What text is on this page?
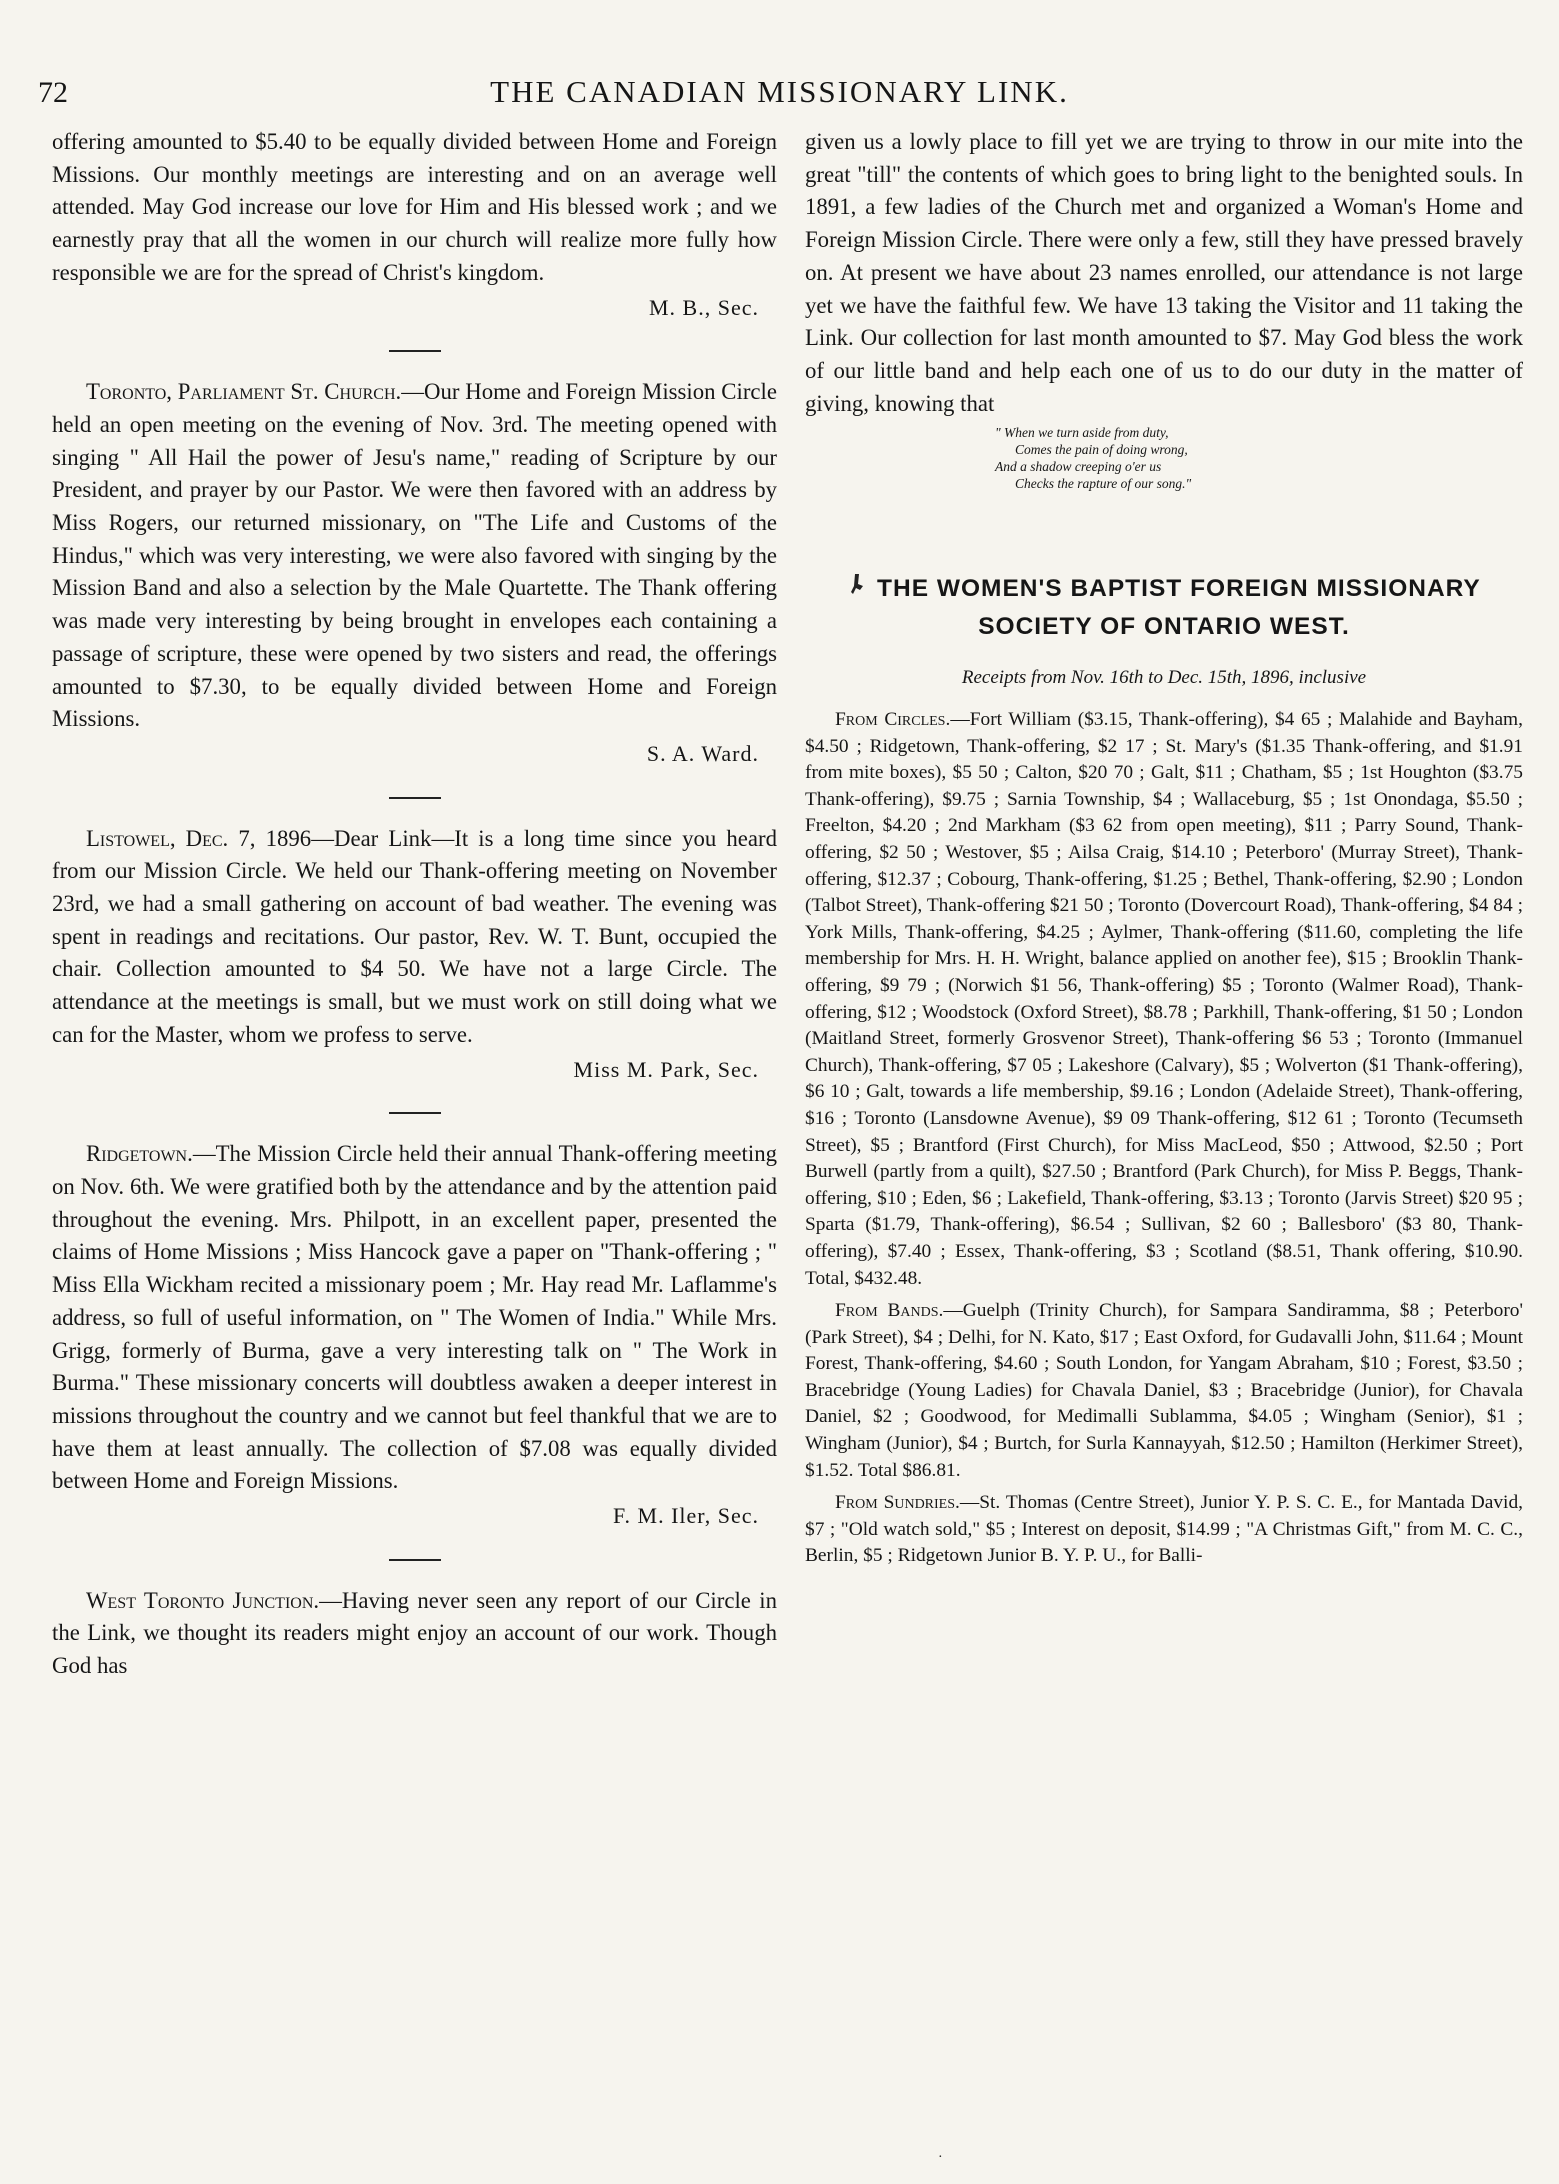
72	THE CANADIAN MISSIONARY LINK.

offering amounted to $5.40 to be equally divided between Home and Foreign Missions. Our monthly meetings are interesting and on an average well attended. May God increase our love for Him and His blessed work ; and we earnestly pray that all the women in our church will realize more fully how responsible we are for the spread of Christ's kingdom.

M. B., Sec.

Toronto, Parliament St. Church.—Our Home and Foreign Mission Circle held an open meeting on the evening of Nov. 3rd. The meeting opened with singing " All Hail the power of Jesu's name," reading of Scripture by our President, and prayer by our Pastor. We were then favored with an address by Miss Rogers, our returned missionary, on "The Life and Customs of the Hindus," which was very interesting, we were also favored with singing by the Mission Band and also a selection by the Male Quartette. The Thank offering was made very interesting by being brought in envelopes each containing a passage of scripture, these were opened by two sisters and read, the offerings amounted to $7.30, to be equally divided between Home and Foreign Missions.

S. A. Ward.

Listowel, Dec. 7, 1896—Dear Link—It is a long time since you heard from our Mission Circle. We held our Thank-offering meeting on November 23rd, we had a small gathering on account of bad weather. The evening was spent in readings and recitations. Our pastor, Rev. W. T. Bunt, occupied the chair. Collection amounted to $4 50. We have not a large Circle. The attendance at the meetings is small, but we must work on still doing what we can for the Master, whom we profess to serve.

Miss M. Park, Sec.

Ridgetown.—The Mission Circle held their annual Thank-offering meeting on Nov. 6th. We were gratified both by the attendance and by the attention paid throughout the evening. Mrs. Philpott, in an excellent paper, presented the claims of Home Missions ; Miss Hancock gave a paper on "Thank-offering ; " Miss Ella Wickham recited a missionary poem ; Mr. Hay read Mr. Laflamme's address, so full of useful information, on " The Women of India." While Mrs. Grigg, formerly of Burma, gave a very interesting talk on " The Work in Burma." These missionary concerts will doubtless awaken a deeper interest in missions throughout the country and we cannot but feel thankful that we are to have them at least annually. The collection of $7.08 was equally divided between Home and Foreign Missions.

F. M. Iler, Sec.

West Toronto Junction.—Having never seen any report of our Circle in the Link, we thought its readers might enjoy an account of our work. Though God has

given us a lowly place to fill yet we are trying to throw in our mite into the great "till" the contents of which goes to bring light to the benighted souls. In 1891, a few ladies of the Church met and organized a Woman's Home and Foreign Mission Circle. There were only a few, still they have pressed bravely on. At present we have about 23 names enrolled, our attendance is not large yet we have the faithful few. We have 13 taking the Visitor and 11 taking the Link. Our collection for last month amounted to $7. May God bless the work of our little band and help each one of us to do our duty in the matter of giving, knowing that

" When we turn aside from duty,
Comes the pain of doing wrong,
And a shadow creeping o'er us
Checks the rapture of our song."
THE WOMEN'S BAPTIST FOREIGN MISSIONARY
SOCIETY OF ONTARIO WEST.
Receipts from Nov. 16th to Dec. 15th, 1896, inclusive

From Circles.—Fort William ($3.15, Thank-offering), $4 65 ; Malahide and Bayham, $4.50 ; Ridgetown, Thank-offering, $2 17 ; St. Mary's ($1.35 Thank-offering, and $1.91 from mite boxes), $5 50 ; Calton, $20 70 ; Galt, $11 ; Chatham, $5 ; 1st Houghton ($3.75 Thank-offering), $9.75 ; Sarnia Township, $4 ; Wallaceburg, $5 ; 1st Onondaga, $5.50 ; Freelton, $4.20 ; 2nd Markham ($3 62 from open meeting), $11 ; Parry Sound, Thank-offering, $2 50 ; Westover, $5 ; Ailsa Craig, $14.10 ; Peterboro' (Murray Street), Thank-offering, $12.37 ; Cobourg, Thank-offering, $1.25 ; Bethel, Thank-offering, $2.90 ; London (Talbot Street), Thank-offering $21 50 ; Toronto (Dovercourt Road), Thank-offering, $4 84 ; York Mills, Thank-offering, $4.25 ; Aylmer, Thank-offering ($11.60, completing the life membership for Mrs. H. H. Wright, balance applied on another fee), $15 ; Brooklin Thank-offering, $9 79 ; (Norwich $1 56, Thank-offering) $5 ; Toronto (Walmer Road), Thank-offering, $12 ; Woodstock (Oxford Street), $8.78 ; Parkhill, Thank-offering, $1 50 ; London (Maitland Street, formerly Grosvenor Street), Thank-offering $6 53 ; Toronto (Immanuel Church), Thank-offering, $7 05 ; Lakeshore (Calvary), $5 ; Wolverton ($1 Thank-offering), $6 10 ; Galt, towards a life membership, $9.16 ; London (Adelaide Street), Thank-offering, $16 ; Toronto (Lansdowne Avenue), $9 09 Thank-offering, $12 61 ; Toronto (Tecumseth Street), $5 ; Brantford (First Church), for Miss MacLeod, $50 ; Attwood, $2.50 ; Port Burwell (partly from a quilt), $27.50 ; Brantford (Park Church), for Miss P. Beggs, Thank-offering, $10 ; Eden, $6 ; Lakefield, Thank-offering, $3.13 ; Toronto (Jarvis Street) $20 95 ; Sparta ($1.79, Thank-offering), $6.54 ; Sullivan, $2 60 ; Ballesboro' ($3 80, Thank-offering), $7.40 ; Essex, Thank-offering, $3 ; Scotland ($8.51, Thank offering, $10.90. Total, $432.48.

From Bands.—Guelph (Trinity Church), for Sampara Sandiramma, $8 ; Peterboro' (Park Street), $4 ; Delhi, for N. Kato, $17 ; East Oxford, for Gudavalli John, $11.64 ; Mount Forest, Thank-offering, $4.60 ; South London, for Yangam Abraham, $10 ; Forest, $3.50 ; Bracebridge (Young Ladies) for Chavala Daniel, $3 ; Bracebridge (Junior), for Chavala Daniel, $2 ; Goodwood, for Medimalli Sublamma, $4.05 ; Wingham (Senior), $1 ; Wingham (Junior), $4 ; Burtch, for Surla Kannayyah, $12.50 ; Hamilton (Herkimer Street), $1.52. Total $86.81.

From Sundries.—St. Thomas (Centre Street), Junior Y. P. S. C. E., for Mantada David, $7 ; "Old watch sold," $5 ; Interest on deposit, $14.99 ; "A Christmas Gift," from M. C. C., Berlin, $5 ; Ridgetown Junior B. Y. P. U., for Balli-

·
